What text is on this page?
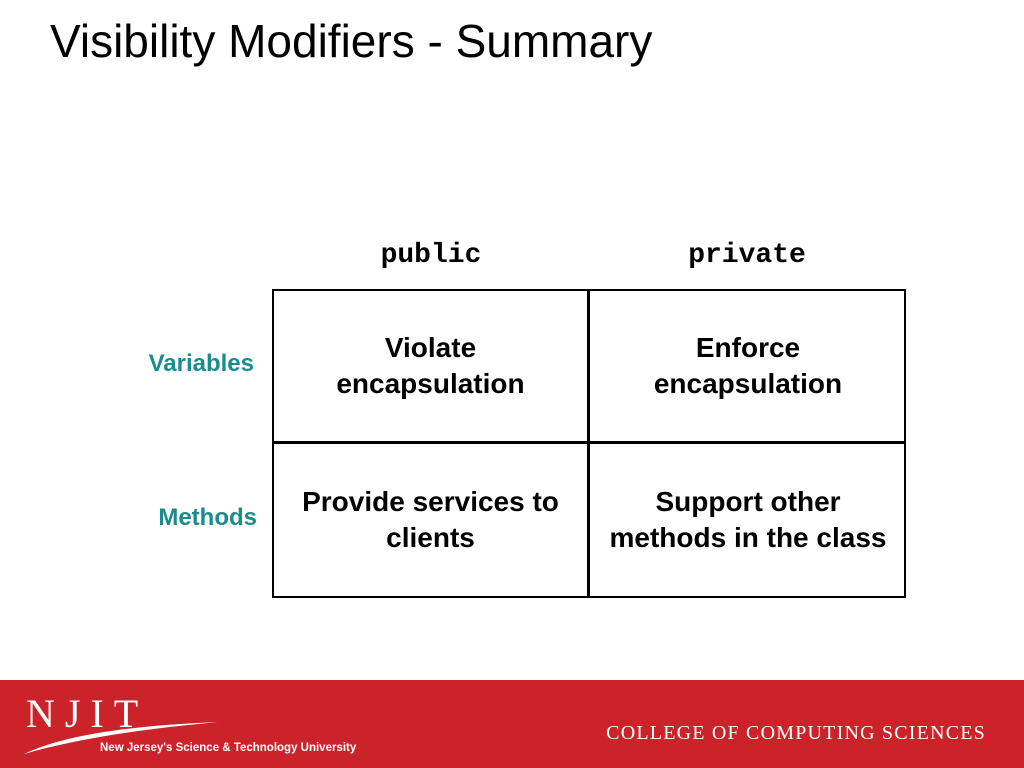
Visibility Modifiers - Summary
public	private
Variables
Methods
Violate encapsulation
Enforce encapsulation
Provide services to clients
Support other methods in the class
NJIT
New Jersey's Science & Technology University
COLLEGE OF COMPUTING SCIENCES
